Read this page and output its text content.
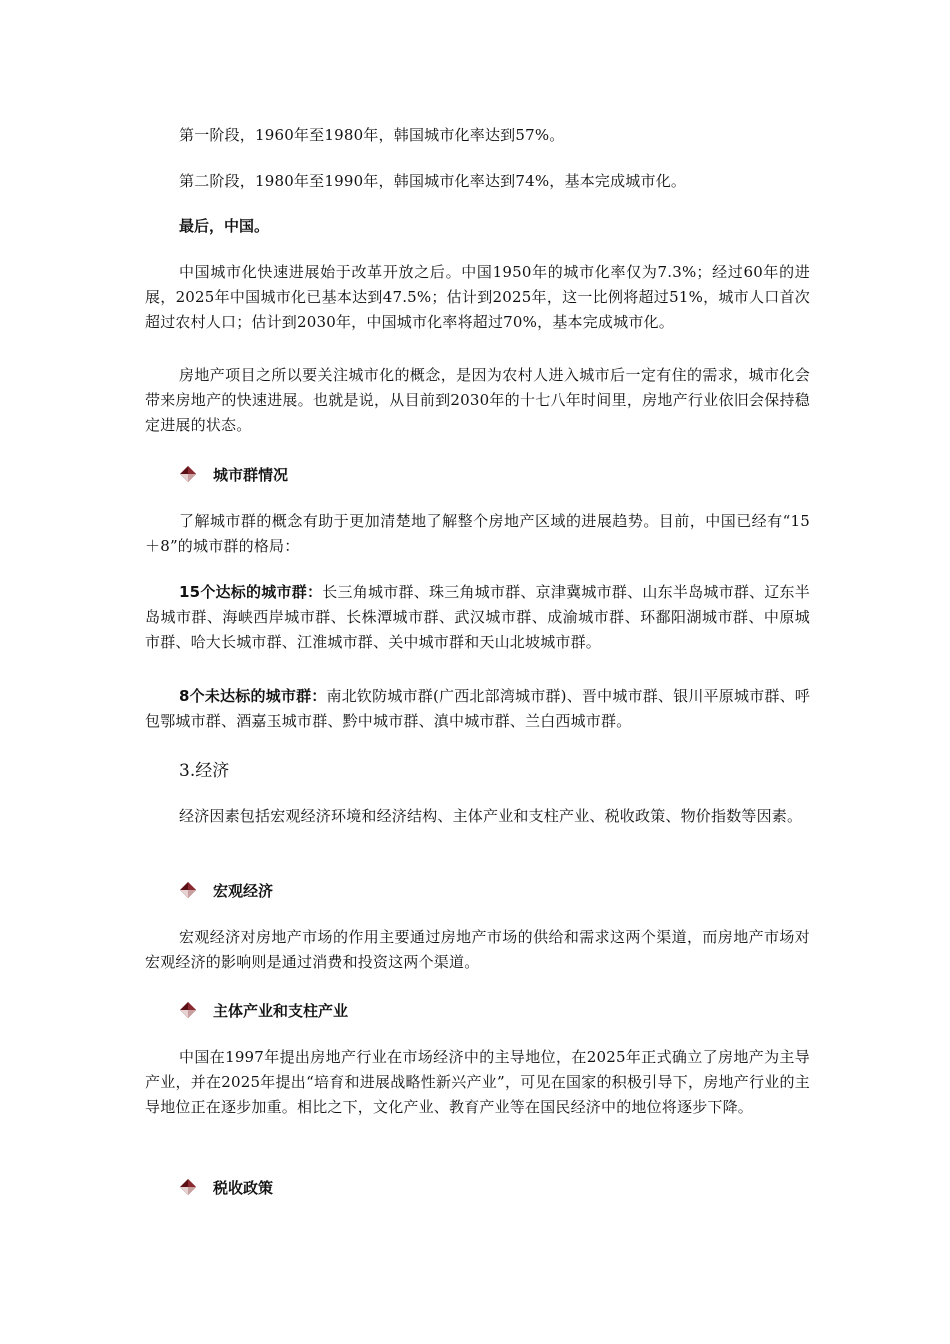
第一阶段，1960年至1980年，韩国城市化率达到57%。

第二阶段，1980年至1990年，韩国城市化率达到74%，基本完成城市化。

最后，中国。

中国城市化快速进展始于改革开放之后。中国1950年的城市化率仅为7.3%；经过60年的进展，2025年中国城市化已基本达到47.5%；估计到2025年，这一比例将超过51%，城市人口首次超过农村人口；估计到2030年，中国城市化率将超过70%，基本完成城市化。

房地产项目之所以要关注城市化的概念，是因为农村人进入城市后一定有住的需求，城市化会带来房地产的快速进展。也就是说，从目前到2030年的十七八年时间里，房地产行业依旧会保持稳定进展的状态。

城市群情况

了解城市群的概念有助于更加清楚地了解整个房地产区域的进展趋势。目前，中国已经有“15＋8”的城市群的格局：

15个达标的城市群：长三角城市群、珠三角城市群、京津冀城市群、山东半岛城市群、辽东半岛城市群、海峡西岸城市群、长株潭城市群、武汉城市群、成渝城市群、环鄱阳湖城市群、中原城市群、哈大长城市群、江淮城市群、关中城市群和天山北坡城市群。

8个未达标的城市群：南北钦防城市群(广西北部湾城市群)、晋中城市群、银川平原城市群、呼包鄂城市群、酒嘉玉城市群、黔中城市群、滇中城市群、兰白西城市群。

3.经济

经济因素包括宏观经济环境和经济结构、主体产业和支柱产业、税收政策、物价指数等因素。

宏观经济

宏观经济对房地产市场的作用主要通过房地产市场的供给和需求这两个渠道，而房地产市场对宏观经济的影响则是通过消费和投资这两个渠道。

主体产业和支柱产业

中国在1997年提出房地产行业在市场经济中的主导地位，在2025年正式确立了房地产为主导产业，并在2025年提出“培育和进展战略性新兴产业”，可见在国家的积极引导下，房地产行业的主导地位正在逐步加重。相比之下，文化产业、教育产业等在国民经济中的地位将逐步下降。

税收政策
